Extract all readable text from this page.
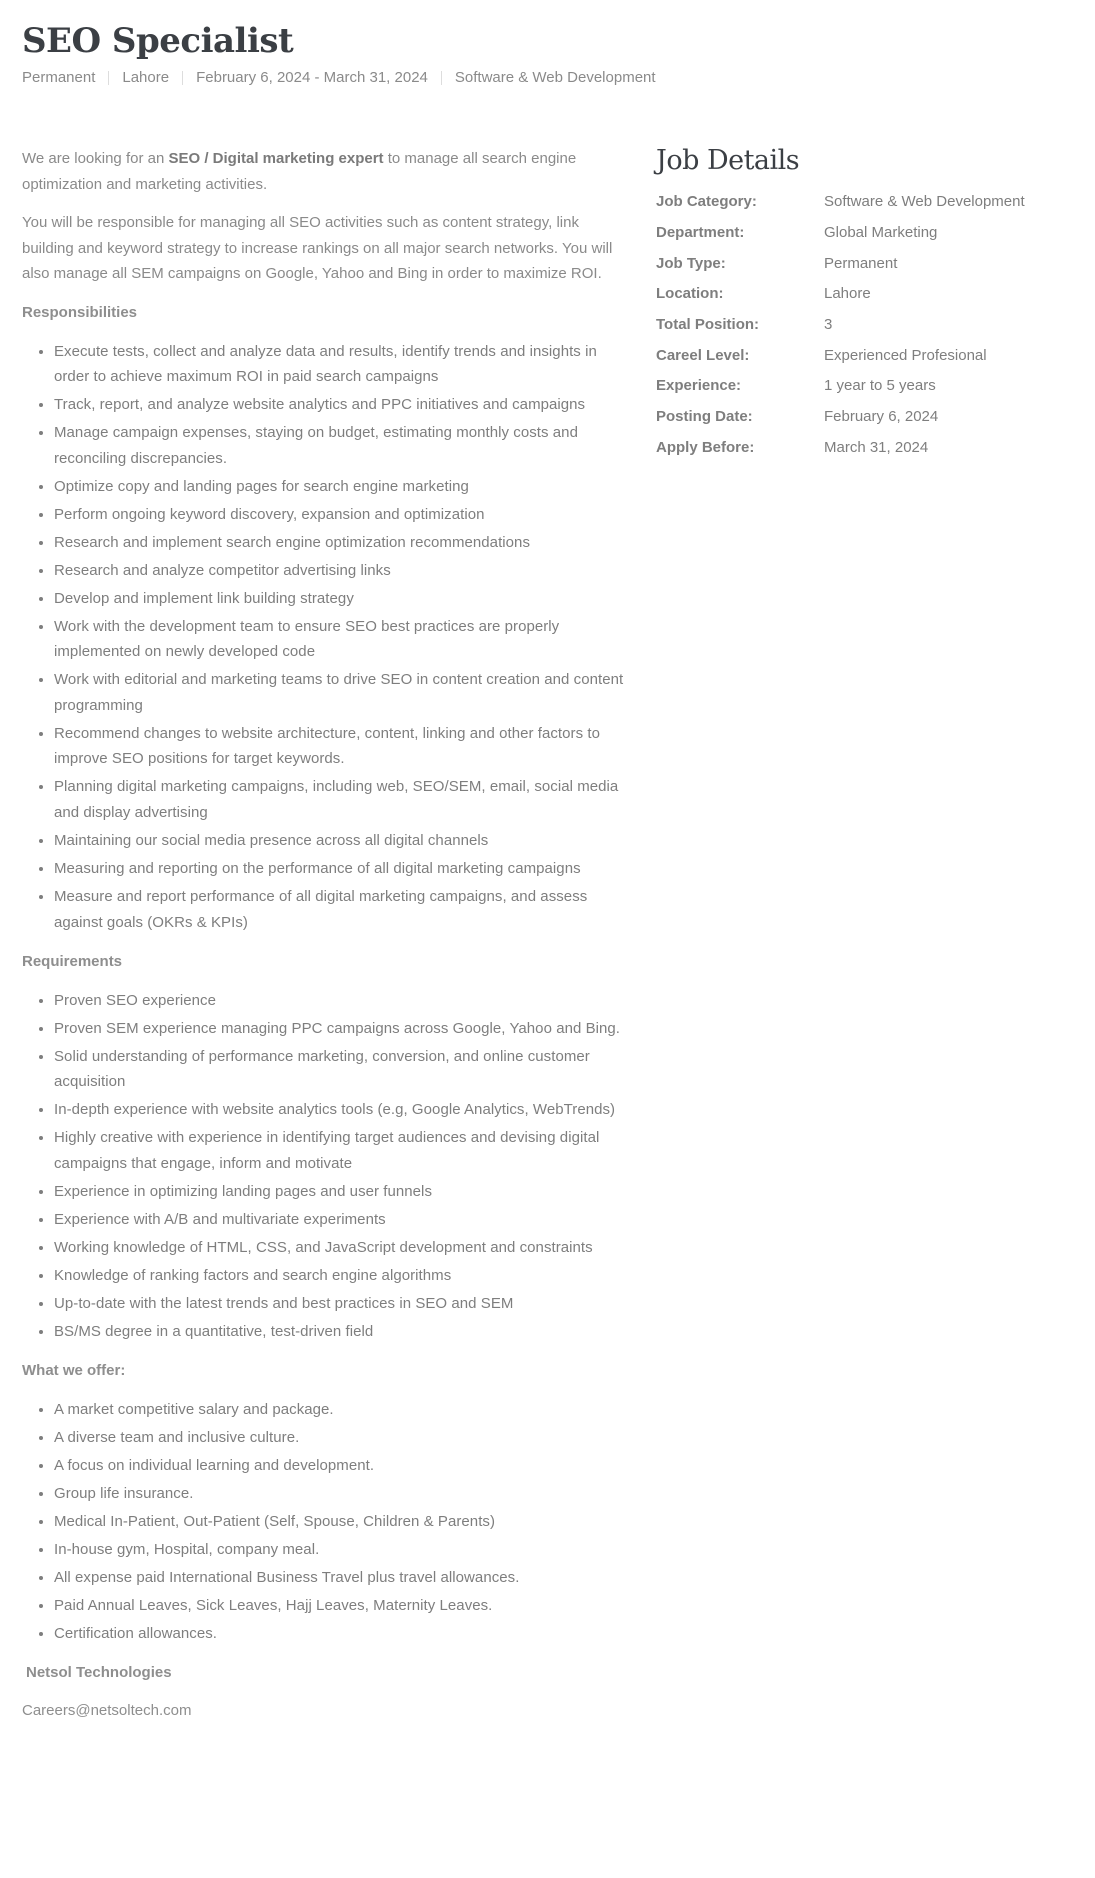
SEO Specialist
Permanent Lahore February 6, 2024 - March 31, 2024 Software & Web Development

We are looking for an SEO / Digital marketing expert to manage all search engine optimization and marketing activities.

You will be responsible for managing all SEO activities such as content strategy, link building and keyword strategy to increase rankings on all major search networks. You will also manage all SEM campaigns on Google, Yahoo and Bing in order to maximize ROI.

Responsibilities
• Execute tests, collect and analyze data and results, identify trends and insights in order to achieve maximum ROI in paid search campaigns
• Track, report, and analyze website analytics and PPC initiatives and campaigns
• Manage campaign expenses, staying on budget, estimating monthly costs and reconciling discrepancies.
• Optimize copy and landing pages for search engine marketing
• Perform ongoing keyword discovery, expansion and optimization
• Research and implement search engine optimization recommendations
• Research and analyze competitor advertising links
• Develop and implement link building strategy
• Work with the development team to ensure SEO best practices are properly implemented on newly developed code
• Work with editorial and marketing teams to drive SEO in content creation and content programming
• Recommend changes to website architecture, content, linking and other factors to improve SEO positions for target keywords.
• Planning digital marketing campaigns, including web, SEO/SEM, email, social media and display advertising
• Maintaining our social media presence across all digital channels
• Measuring and reporting on the performance of all digital marketing campaigns
• Measure and report performance of all digital marketing campaigns, and assess against goals (OKRs & KPIs)
Requirements
• Proven SEO experience
• Proven SEM experience managing PPC campaigns across Google, Yahoo and Bing.
• Solid understanding of performance marketing, conversion, and online customer acquisition
• In-depth experience with website analytics tools (e.g, Google Analytics, WebTrends)
• Highly creative with experience in identifying target audiences and devising digital campaigns that engage, inform and motivate
• Experience in optimizing landing pages and user funnels
• Experience with A/B and multivariate experiments
• Working knowledge of HTML, CSS, and JavaScript development and constraints
• Knowledge of ranking factors and search engine algorithms
• Up-to-date with the latest trends and best practices in SEO and SEM
• BS/MS degree in a quantitative, test-driven field
What we offer:
• A market competitive salary and package.
• A diverse team and inclusive culture.
• A focus on individual learning and development.
• Group life insurance.
• Medical In-Patient, Out-Patient (Self, Spouse, Children & Parents)
• In-house gym, Hospital, company meal.
• All expense paid International Business Travel plus travel allowances.
• Paid Annual Leaves, Sick Leaves, Hajj Leaves, Maternity Leaves.
• Certification allowances.
Netsol Technologies
Careers@netsoltech.com
Job Details
Job Category:	Software & Web Development
Department:	Global Marketing
Job Type:	Permanent
Location:	Lahore
Total Position:	3
Careel Level:	Experienced Profesional
Experience:	1 year to 5 years
Posting Date:	February 6, 2024
Apply Before:	March 31, 2024
